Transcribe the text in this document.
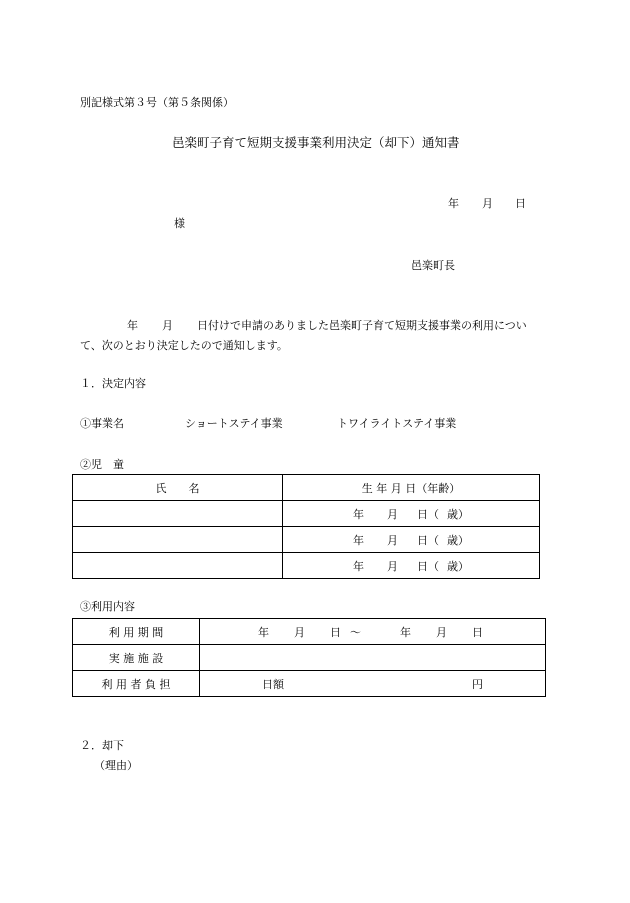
別記様式第３号（第５条関係）
邑楽町子育て短期支援事業利用決定（却下）通知書
年 月 日
様
邑楽町長
年 月 日付けで申請のありました邑楽町子育て短期支援事業の利用につい
て、次のとおり決定したので通知します。
１．決定内容
①事業名	ショートステイ事業	トワイライトステイ事業
②児　童
氏　　名	生 年 月 日（年齢）

	年 月 日（ 歳）

	年 月 日（ 歳）

	年 月 日（ 歳）
③利用内容
利 用 期 間	年 月 日 ～ 年 月 日
実 施 施 設	
利 用 者 負 担	日額 円
２．却下
（理由）
